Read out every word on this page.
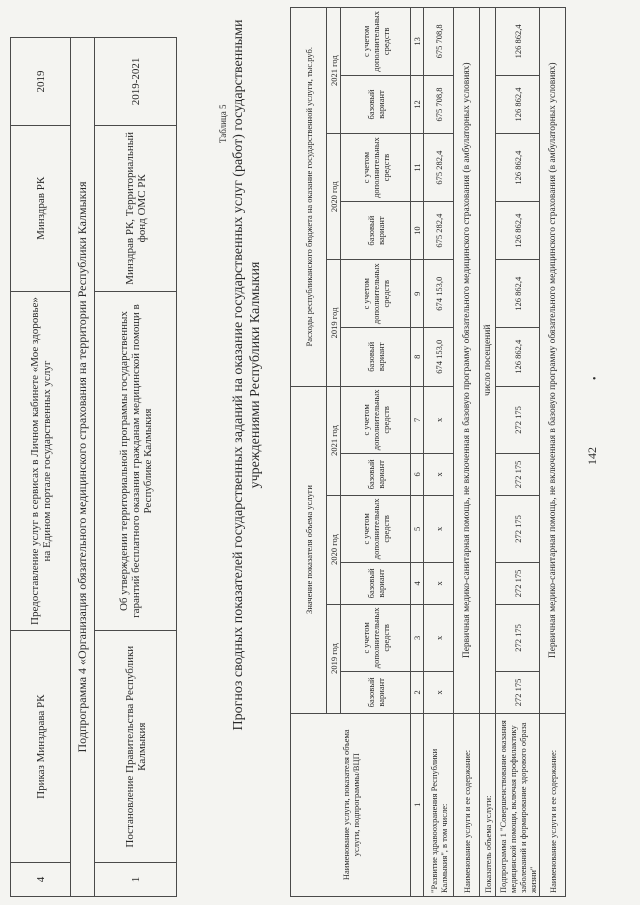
4	Приказ Минздрава РК	Предоставление услуг в сервисах в Личном кабинете «Мое здоровье» на Едином портале государственных услуг	Минздрав РК	2019
Подпрограмма 4 «Организация обязательного медицинского страхования на территории Республики Калмыкия				
1	Постановление Правительства Республики Калмыкия	Об утверждении территориальной программы государственных гарантий бесплатного оказания гражданам медицинской помощи в Республике Калмыкия	Минздрав РК, Территориальный фонд ОМС РК	2019-2021
Таблица 5 Прогноз сводных показателей государственных заданий на оказание государственных услуг (работ) государственными учреждениями Республики Калмыкия
Наименование услуги, показателя объема услуги, подпрограммы/ВЦП	Значение показателя объема услуги						Расходы республиканского бюджета на оказание государственной услуги, тыс.руб.					
	2019 год		2020 год		2021 год		2019 год		2020 год		2021 год	
	базовый вариант	с учетом дополнительных средств	базовый вариант	с учетом дополнительных средств	базовый вариант	с учетом дополнительных средств	базовый вариант	с учетом дополнительных средств	базовый вариант	с учетом дополнительных средств	базовый вариант	с учетом дополнительных средств
1	2	3	4	5	6	7	8	9	10	11	12	13
"Развитие здравоохранения Республики Калмыкия", в том числе:	х	х	х	х	х	х	674 153,0	674 153,0	675 282,4	675 282,4	675 708,8	675 708,8
Наименование услуги и ее содержание:	Первичная медико-санитарная помощь, не включенная в базовую программу обязательного медицинского страхования (в амбулаторных условиях)											
Показатель объема услуги:	число посещений											
Подпрограмма 1 "Совершенствование оказания медицинской помощи, включая профилактику заболеваний и формирование здорового образа жизни"	272 175	272 175	272 175	272 175	272 175	272 175	126 862,4	126 862,4	126 862,4	126 862,4	126 862,4	126 862,4
Наименование услуги и ее содержание:	Первичная медико-санитарная помощь, не включенная в базовую программу обязательного медицинского страхования (в амбулаторных условиях)											142
•
